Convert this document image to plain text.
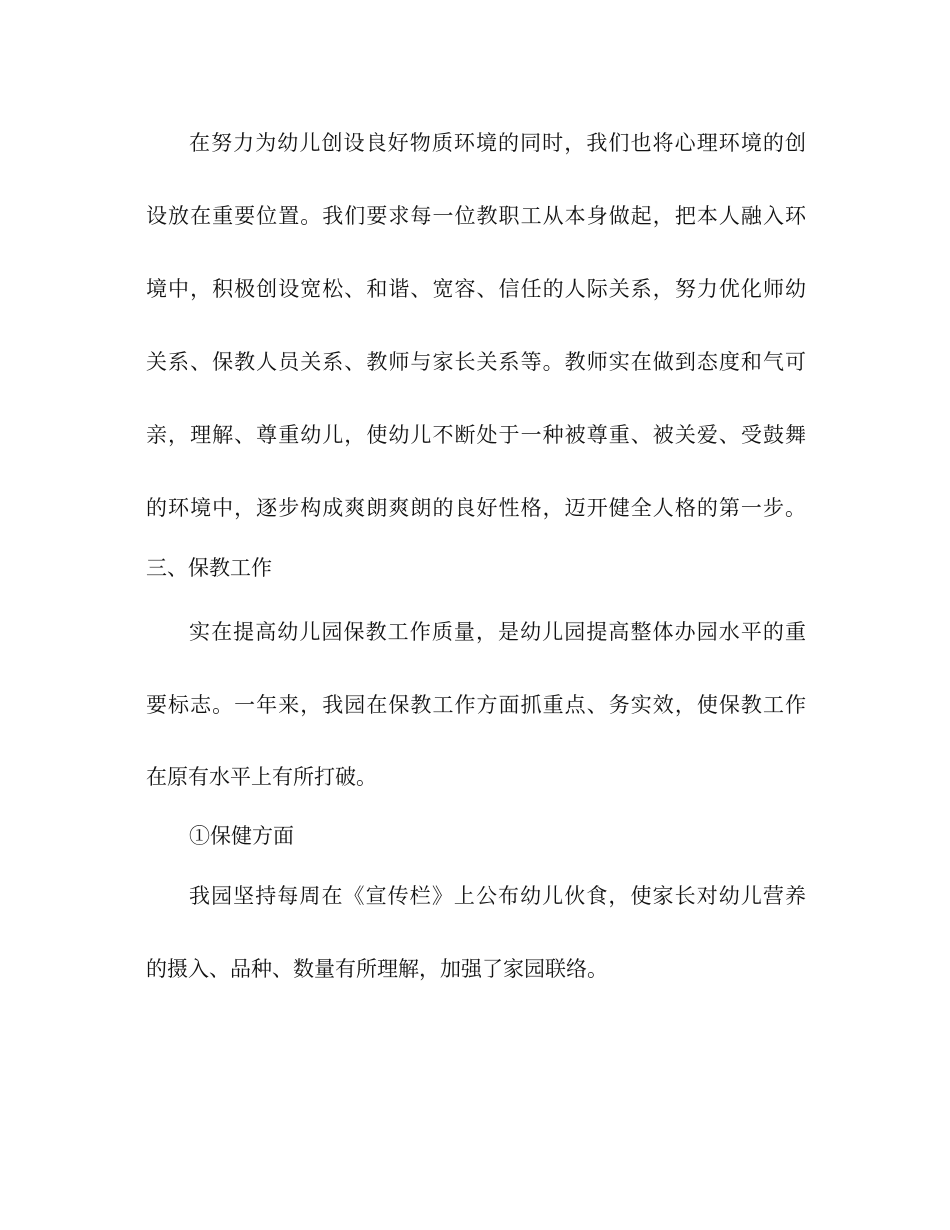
在努力为幼儿创设良好物质环境的同时，我们也将心理环境的创
设放在重要位置。我们要求每一位教职工从本身做起，把本人融入环
境中，积极创设宽松、和谐、宽容、信任的人际关系，努力优化师幼
关系、保教人员关系、教师与家长关系等。教师实在做到态度和气可
亲，理解、尊重幼儿，使幼儿不断处于一种被尊重、被关爱、受鼓舞
的环境中，逐步构成爽朗爽朗的良好性格，迈开健全人格的第一步。
三、保教工作
实在提高幼儿园保教工作质量，是幼儿园提高整体办园水平的重
要标志。一年来，我园在保教工作方面抓重点、务实效，使保教工作
在原有水平上有所打破。
①保健方面
我园坚持每周在《宣传栏》上公布幼儿伙食，使家长对幼儿营养
的摄入、品种、数量有所理解，加强了家园联络。
